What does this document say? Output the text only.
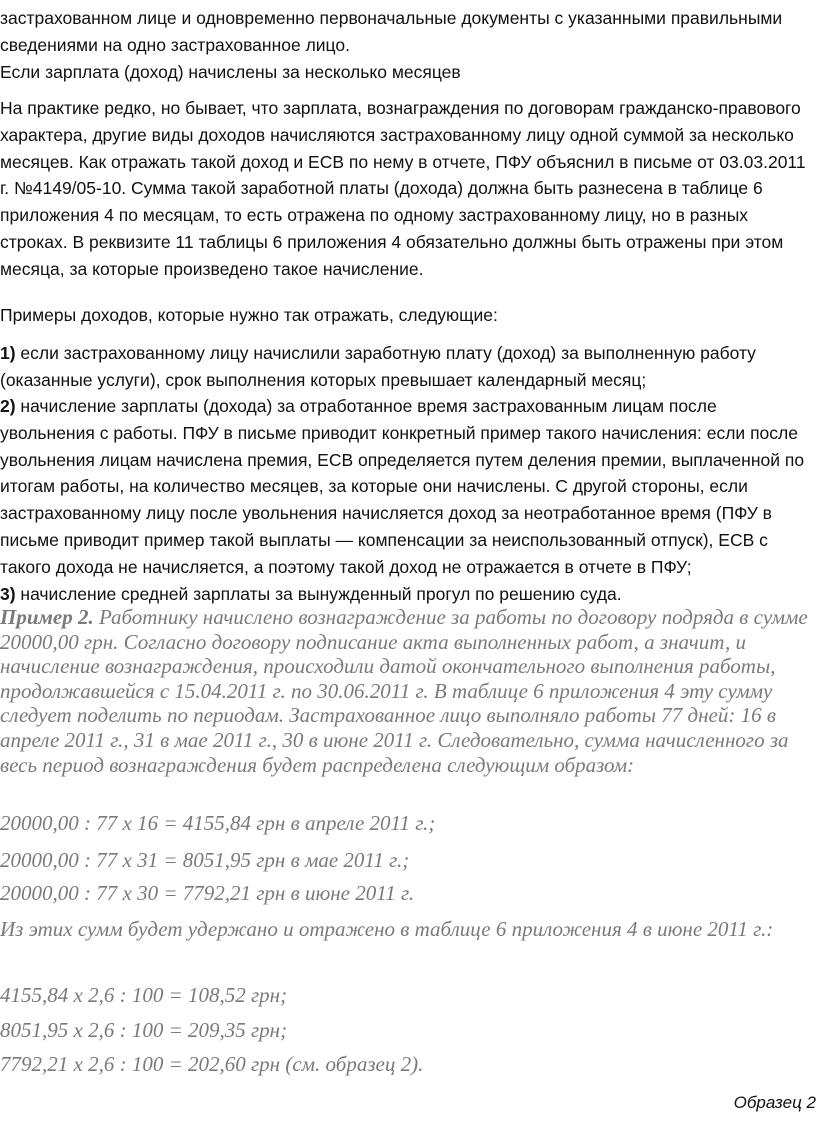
застрахованном лице и одновременно первоначальные документы с указанными правильными сведениями на одно застрахованное лицо.

Если зарплата (доход) начислены за несколько месяцев

На практике редко, но бывает, что зарплата, вознаграждения по договорам гражданско-правового характера, другие виды доходов начисляются застрахованному лицу одной суммой за несколько месяцев. Как отражать такой доход и ЕСВ по нему в отчете, ПФУ объяснил в письме от 03.03.2011 г. №4149/05-10. Сумма такой заработной платы (дохода) должна быть разнесена в таблице 6 приложения 4 по месяцам, то есть отражена по одному застрахованному лицу, но в разных строках. В реквизите 11 таблицы 6 приложения 4 обязательно должны быть отражены при этом месяца, за которые произведено такое начисление.

Примеры доходов, которые нужно так отражать, следующие:

1) если застрахованному лицу начислили заработную плату (доход) за выполненную работу (оказанные услуги), срок выполнения которых превышает календарный месяц;

2) начисление зарплаты (дохода) за отработанное время застрахованным лицам после увольнения с работы. ПФУ в письме приводит конкретный пример такого начисления: если после увольнения лицам начислена премия, ЕСВ определяется путем деления премии, выплаченной по итогам работы, на количество месяцев, за которые они начислены. С другой стороны, если застрахованному лицу после увольнения начисляется доход за неотработанное время (ПФУ в письме приводит пример такой выплаты — компенсации за неиспользованный отпуск), ЕСВ с такого дохода не начисляется, а поэтому такой доход не отражается в отчете в ПФУ;

3) начисление средней зарплаты за вынужденный прогул по решению суда.

Пример 2. Работнику начислено вознаграждение за работы по договору подряда в сумме 20000,00 грн. Согласно договору подписание акта выполненных работ, а значит, и начисление вознаграждения, происходили датой окончательного выполнения работы, продолжавшейся с 15.04.2011 г. по 30.06.2011 г. В таблице 6 приложения 4 эту сумму следует поделить по периодам. Застрахованное лицо выполняло работы 77 дней: 16 в апреле 2011 г., 31 в мае 2011 г., 30 в июне 2011 г. Следовательно, сумма начисленного за весь период вознаграждения будет распределена следующим образом:

20000,00 : 77 х 16 = 4155,84 грн в апреле 2011 г.;

20000,00 : 77 х 31 = 8051,95 грн в мае 2011 г.;

20000,00 : 77 х 30 = 7792,21 грн в июне 2011 г.

Из этих сумм будет удержано и отражено в таблице 6 приложения 4 в июне 2011 г.:

4155,84 х 2,6 : 100 = 108,52 грн;

8051,95 х 2,6 : 100 = 209,35 грн;

7792,21 х 2,6 : 100 = 202,60 грн (см. образец 2).

Образец 2
